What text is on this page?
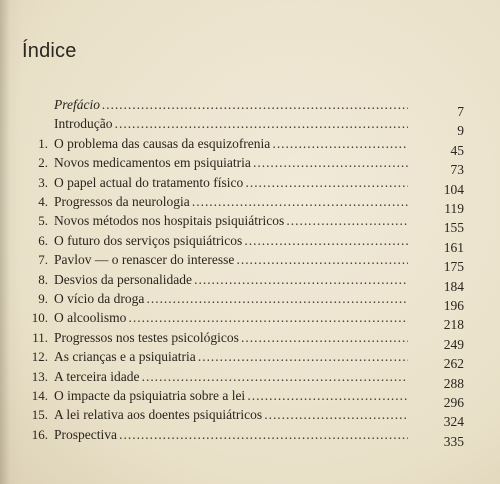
Índice
Prefácio . . .	7
Introdução . . .	9
1. O problema das causas da esquizofrenia . . .	45
2. Novos medicamentos em psiquiatria . . .	73
3. O papel actual do tratamento físico . . .	104
4. Progressos da neurologia . . .	119
5. Novos métodos nos hospitais psiquiátricos . . .	155
6. O futuro dos serviços psiquiátricos . . .	161
7. Pavlov — o renascer do interesse . . .	175
8. Desvios da personalidade . . .	184
9. O vício da droga . . .	196
10. O alcoolismo . . .	218
11. Progressos nos testes psicológicos . . .	249
12. As crianças e a psiquiatria . . .	262
13. A terceira idade . . .	288
14. O impacte da psiquiatria sobre a lei . . .	296
15. A lei relativa aos doentes psiquiátricos . . .	324
16. Prospectiva . . .	335
